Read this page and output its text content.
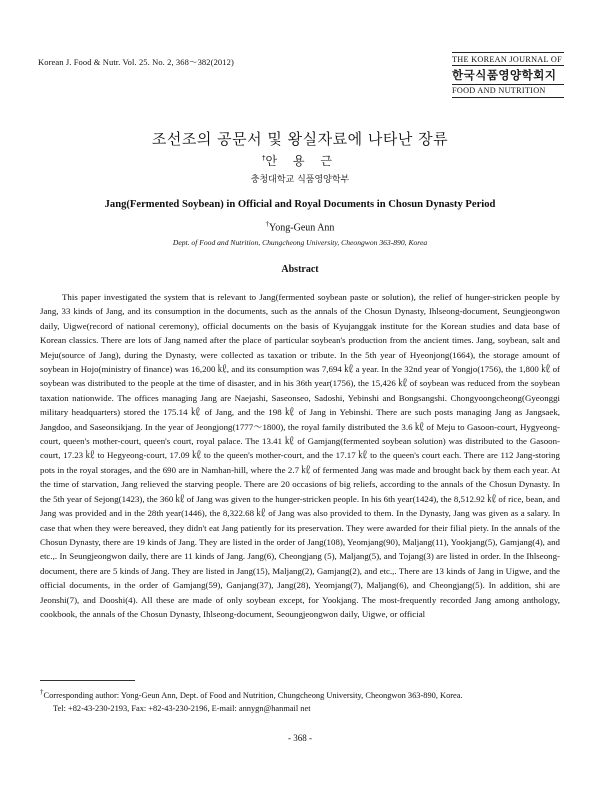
Korean J. Food & Nutr. Vol. 25. No. 2, 368～382(2012)	THE KOREAN JOURNAL OF
한국식품영양학회지
FOOD AND NUTRITION
조선조의 공문서 및 왕실자료에 나타난 장류
†안 용 근
충청대학교 식품영양학부
Jang(Fermented Soybean) in Official and Royal Documents in Chosun Dynasty Period
†Yong-Geun Ann
Dept. of Food and Nutrition, Chungcheong University, Cheongwon 363-890, Korea
Abstract
This paper investigated the system that is relevant to Jang(fermented soybean paste or solution), the relief of hunger-stricken people by Jang, 33 kinds of Jang, and its consumption in the documents, such as the annals of the Chosun Dynasty, Ihlseong-document, Seungjeongwon daily, Uigwe(record of national ceremony), official documents on the basis of Kyujanggak institute for the Korean studies and data base of Korean classics. There are lots of Jang named after the place of particular soybean's production from the ancient times. Jang, soybean, salt and Meju(source of Jang), during the Dynasty, were collected as taxation or tribute. In the 5th year of Hyeonjong(1664), the storage amount of soybean in Hojo(ministry of finance) was 16,200 ㎘, and its consumption was 7,694 ㎘ a year. In the 32nd year of Yongjo(1756), the 1,800 ㎘ of soybean was distributed to the people at the time of disaster, and in his 36th year(1756), the 15,426 ㎘ of soybean was reduced from the soybean taxation nationwide. The offices managing Jang are Naejashi, Saseonseo, Sadoshi, Yebinshi and Bongsangshi. Chongyoongcheong(Gyeonggi military headquarters) stored the 175.14 ㎘ of Jang, and the 198 ㎘ of Jang in Yebinshi. There are such posts managing Jang as Jangsaek, Jangdoo, and Saseonsikjang. In the year of Jeongjong(1777～1800), the royal family distributed the 3.6 ㎘ of Meju to Gasoon-court, Hygyeong-court, queen's mother-court, queen's court, royal palace. The 13.41 ㎘ of Gamjang(fermented soybean solution) was distributed to the Gasoon-court, 17.23 ㎘ to Hegyeong-court, 17.09 ㎘ to the queen's mother-court, and the 17.17 ㎘ to the queen's court each. There are 112 Jang-storing pots in the royal storages, and the 690 are in Namhan-hill, where the 2.7 ㎘ of fermented Jang was made and brought back by them each year. At the time of starvation, Jang relieved the starving people. There are 20 occasions of big reliefs, according to the annals of the Chosun Dynasty. In the 5th year of Sejong(1423), the 360 ㎘ of Jang was given to the hunger-stricken people. In his 6th year(1424), the 8,512.92 ㎘ of rice, bean, and Jang was provided and in the 28th year(1446), the 8,322.68 ㎘ of Jang was also provided to them. In the Dynasty, Jang was given as a salary. In case that when they were bereaved, they didn't eat Jang patiently for its preservation. They were awarded for their filial piety. In the annals of the Chosun Dynasty, there are 19 kinds of Jang. They are listed in the order of Jang(108), Yeomjang(90), Maljang(11), Yookjang(5), Gamjang(4), and etc.,. In Seungjeongwon daily, there are 11 kinds of Jang. Jang(6), Cheongjang (5), Maljang(5), and Tojang(3) are listed in order. In the Ihlseong-document, there are 5 kinds of Jang. They are listed in Jang(15), Maljang(2), Gamjang(2), and etc.,. There are 13 kinds of Jang in Uigwe, and the official documents, in the order of Gamjang(59), Ganjang(37), Jang(28), Yeomjang(7), Maljang(6), and Cheongjang(5). In addition, shi are Jeonshi(7), and Dooshi(4). All these are made of only soybean except, for Yookjang. The most-frequently recorded Jang among anthology, cookbook, the annals of the Chosun Dynasty, Ihlseong-document, Seoungjeongwon daily, Uigwe, or official
†Corresponding author: Yong-Geun Ann, Dept. of Food and Nutrition, Chungcheong University, Cheongwon 363-890, Korea.
Tel: +82-43-230-2193, Fax: +82-43-230-2196, E-mail: annygn@hanmail net
- 368 -
